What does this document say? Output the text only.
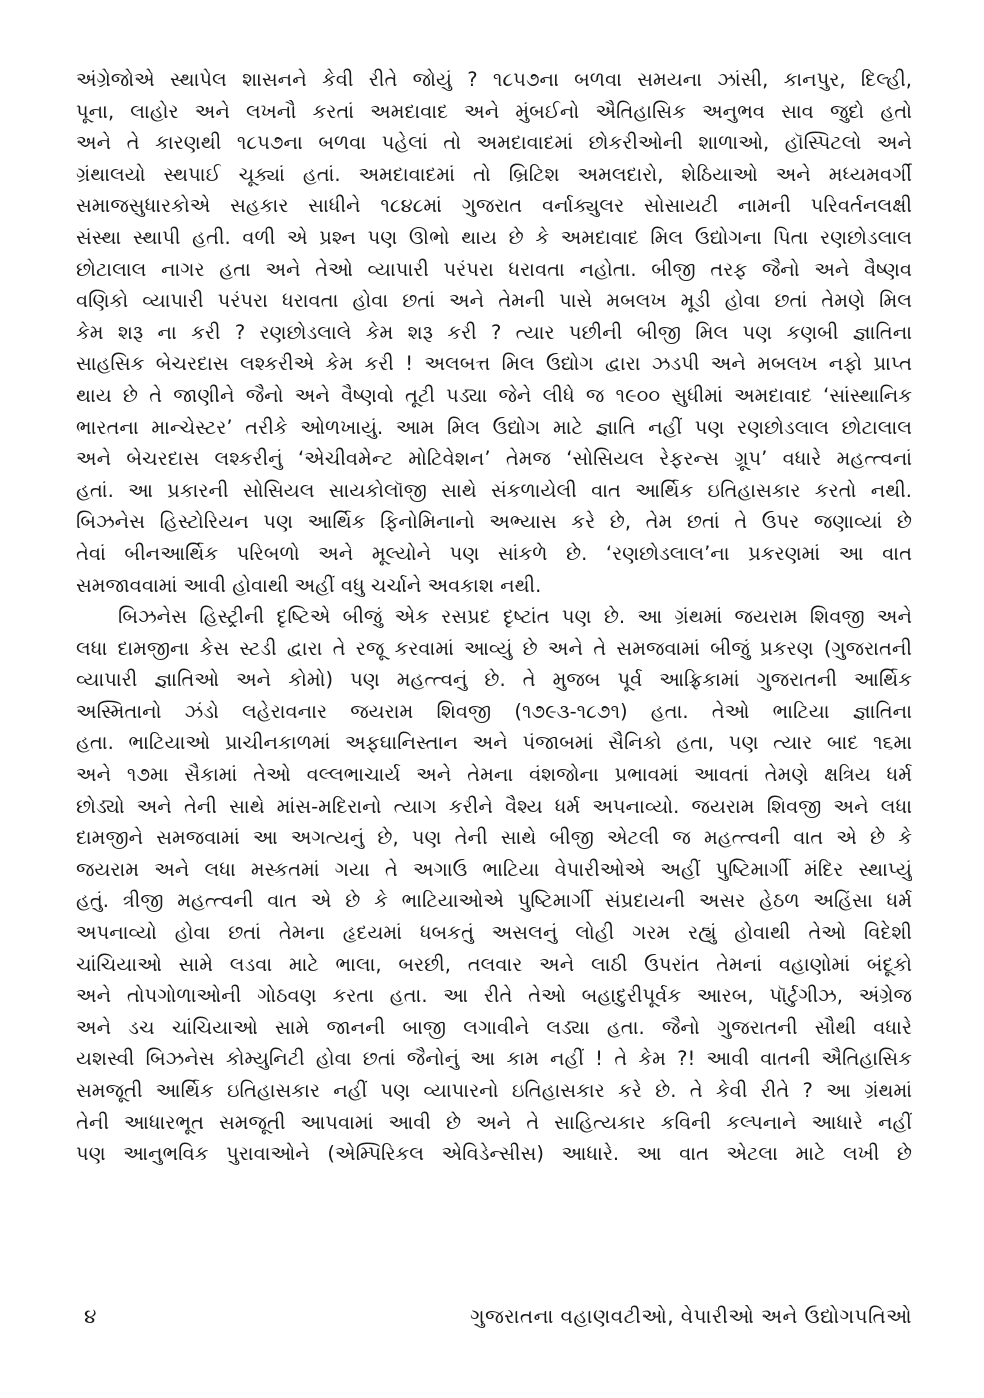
અંગ્રેજોએ સ્થાપેલ શાસનને કેવી રીતે જોયું ? ૧૮૫૭ના બળવા સમયના ઝાંસી, કાનપુર, દિલ્હી,
પૂના, લાહોર અને લખનૌ કરતાં અમદાવાદ અને મુંબઈનો ઐતિહાસિક અનુભવ સાવ જુદો હતો
અને તે કારણથી ૧૮૫૭ના બળવા પહેલાં તો અમદાવાદમાં છોકરીઓની શાળાઓ, હૉસ્પિટલો અને
ગ્રંથાલયો સ્થપાઈ ચૂક્યાં હતાં. અમદાવાદમાં તો બ્રિટિશ અમલદારો, શેઠિયાઓ અને મધ્યમવર્ગી
સમાજસુધારકોએ સહકાર સાધીને ૧૮૪૮માં ગુજરાત વર્નાક્યુલર સોસાયટી નામની પરિવર્તનલક્ષી
સંસ્થા સ્થાપી હતી. વળી એ પ્રશ્ન પણ ઊભો થાય છે કે અમદાવાદ મિલ ઉદ્યોગના પિતા રણછોડલાલ
છોટાલાલ નાગર હતા અને તેઓ વ્યાપારી પરંપરા ધરાવતા નહોતા. બીજી તરફ જૈનો અને વૈષ્ણવ
વણિકો વ્યાપારી પરંપરા ધરાવતા હોવા છતાં અને તેમની પાસે મબલખ મૂડી હોવા છતાં તેમણે મિલ
કેમ શરૂ ના કરી ? રણછોડલાલે કેમ શરૂ કરી ? ત્યાર પછીની બીજી મિલ પણ કણબી જ્ઞાતિના
સાહસિક બેચરદાસ લશ્કરીએ કેમ કરી ! અલબત્ત મિલ ઉદ્યોગ દ્વારા ઝડપી અને મબલખ નફો પ્રાપ્ત
થાય છે તે જાણીને જૈનો અને વૈષ્ણવો તૂટી પડ્યા જેને લીધે જ ૧૯૦૦ સુધીમાં અમદાવાદ ‘સાંસ્થાનિક
ભારતના માન્ચેસ્ટર’ તરીકે ઓળખાયું. આમ મિલ ઉદ્યોગ માટે જ્ઞાતિ નહીં પણ રણછોડલાલ છોટાલાલ
અને બેચરદાસ લશ્કરીનું ‘એચીવમેન્ટ મોટિવેશન’ તેમજ ‘સોસિયલ રેફરન્સ ગ્રૂપ’ વધારે મહત્ત્વનાં
હતાં. આ પ્રકારની સોસિયલ સાયકોલૉજી સાથે સંકળાયેલી વાત આર્થિક ઇતિહાસકાર કરતો નથી.
બિઝનેસ હિસ્ટોરિયન પણ આર્થિક ફિનોમિનાનો અભ્યાસ કરે છે, તેમ છતાં તે ઉપર જણાવ્યાં છે
તેવાં બીનઆર્થિક પરિબળો અને મૂલ્યોને પણ સાંકળે છે. ‘રણછોડલાલ’ના પ્રકરણમાં આ વાત
સમજાવવામાં આવી હોવાથી અહીં વધુ ચર્ચાને અવકાશ નથી.

બિઝનેસ હિસ્ટ્રીની દૃષ્ટિએ બીજું એક રસપ્રદ દૃષ્ટાંત પણ છે. આ ગ્રંથમાં જયરામ શિવજી અને
લધા દામજીના કેસ સ્ટડી દ્વારા તે રજૂ કરવામાં આવ્યું છે અને તે સમજવામાં બીજું પ્રકરણ (ગુજરાતની
વ્યાપારી જ્ઞાતિઓ અને કોમો) પણ મહત્ત્વનું છે. તે મુજબ પૂર્વ આફ્રિકામાં ગુજરાતની આર્થિક
અસ્મિતાનો ઝંડો લહેરાવનાર જયરામ શિવજી (૧૭૯૩-૧૮૭૧) હતા. તેઓ ભાટિયા જ્ઞાતિના
હતા. ભાટિયાઓ પ્રાચીનકાળમાં અફઘાનિસ્તાન અને પંજાબમાં સૈનિકો હતા, પણ ત્યાર બાદ ૧૬મા
અને ૧૭મા સૈકામાં તેઓ વલ્લભાચાર્ય અને તેમના વંશજોના પ્રભાવમાં આવતાં તેમણે ક્ષત્રિય ધર્મ
છોડ્યો અને તેની સાથે માંસ-મદિરાનો ત્યાગ કરીને વૈશ્ય ધર્મ અપનાવ્યો. જયરામ શિવજી અને લધા
દામજીને સમજવામાં આ અગત્યનું છે, પણ તેની સાથે બીજી એટલી જ મહત્ત્વની વાત એ છે કે
જયરામ અને લધા મસ્કતમાં ગયા તે અગાઉ ભાટિયા વેપારીઓએ અહીં પુષ્ટિમાર્ગી મંદિર સ્થાપ્યું
હતું. ત્રીજી મહત્ત્વની વાત એ છે કે ભાટિયાઓએ પુષ્ટિમાર્ગી સંપ્રદાયની અસર હેઠળ અહિંસા ધર્મ
અપનાવ્યો હોવા છતાં તેમના હૃદયમાં ધબકતું અસલનું લોહી ગરમ રહ્યું હોવાથી તેઓ વિદેશી
ચાંચિયાઓ સામે લડવા માટે ભાલા, બરછી, તલવાર અને લાઠી ઉપરાંત તેમનાં વહાણોમાં બંદૂકો
અને તોપગોળાઓની ગોઠવણ કરતા હતા. આ રીતે તેઓ બહાદુરીપૂર્વક આરબ, પૉર્ટુગીઝ, અંગ્રેજ
અને ડચ ચાંચિયાઓ સામે જાનની બાજી લગાવીને લડ્યા હતા. જૈનો ગુજરાતની સૌથી વધારે
યશસ્વી બિઝનેસ કોમ્યુનિટી હોવા છતાં જૈનોનું આ કામ નહીં ! તે કેમ ?! આવી વાતની ઐતિહાસિક
સમજૂતી આર્થિક ઇતિહાસકાર નહીં પણ વ્યાપારનો ઇતિહાસકાર કરે છે. તે કેવી રીતે ? આ ગ્રંથમાં
તેની આધારભૂત સમજૂતી આપવામાં આવી છે અને તે સાહિત્યકાર કવિની કલ્પનાને આધારે નહીં
પણ આનુભવિક પુરાવાઓને (એમ્પિરિકલ એવિડેન્સીસ) આધારે. આ વાત એટલા માટે લખી છે

૪	ગુજરાતના વહાણવટીઓ, વેપારીઓ અને ઉદ્યોગપતિઓ
